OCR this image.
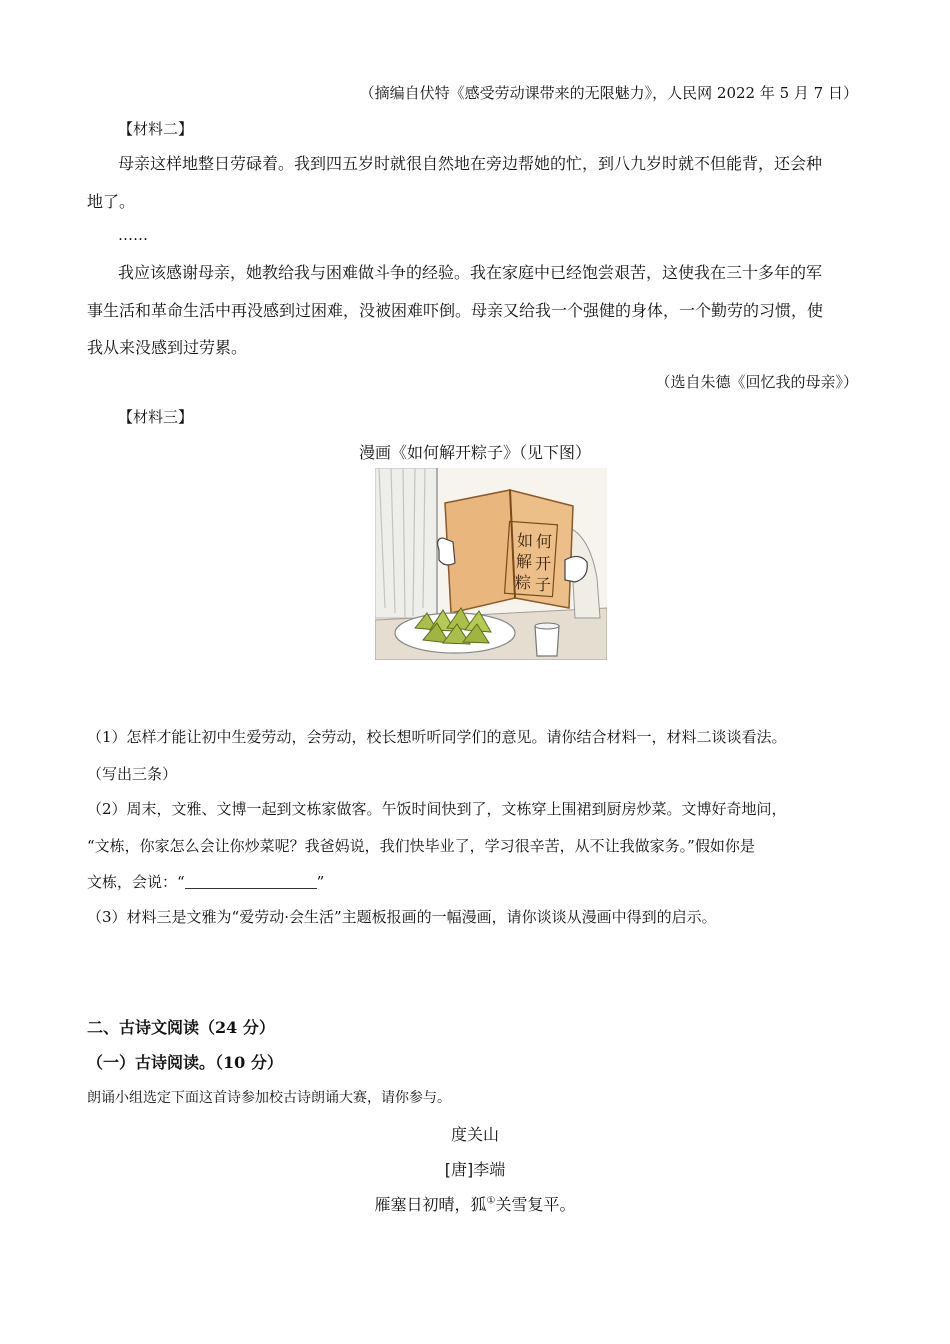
（摘编自伏特《感受劳动课带来的无限魅力》，人民网 2022 年 5 月 7 日）
【材料二】
母亲这样地整日劳碌着。我到四五岁时就很自然地在旁边帮她的忙，到八九岁时就不但能背，还会种
地了。
……
我应该感谢母亲，她教给我与困难做斗争的经验。我在家庭中已经饱尝艰苦，这使我在三十多年的军
事生活和革命生活中再没感到过困难，没被困难吓倒。母亲又给我一个强健的身体，一个勤劳的习惯，使
我从来没感到过劳累。
（选自朱德《回忆我的母亲》）
【材料三】
漫画《如何解开粽子》（见下图）
如 何
解 开
粽 子
（1）怎样才能让初中生爱劳动，会劳动，校长想听听同学们的意见。请你结合材料一，材料二谈谈看法。
（写出三条）
（2）周末，文雅、文博一起到文栋家做客。午饭时间快到了，文栋穿上围裙到厨房炒菜。文博好奇地问，
“文栋，你家怎么会让你炒菜呢？我爸妈说，我们快毕业了，学习很辛苦，从不让我做家务。”假如你是
文栋，会说：“	”
（3）材料三是文雅为“爱劳动·会生活”主题板报画的一幅漫画，请你谈谈从漫画中得到的启示。
二、古诗文阅读（24 分）
（一）古诗阅读。（10 分）
朗诵小组选定下面这首诗参加校古诗朗诵大赛，请你参与。
度关山
[唐]李端
雁塞日初晴，狐①关雪复平。
